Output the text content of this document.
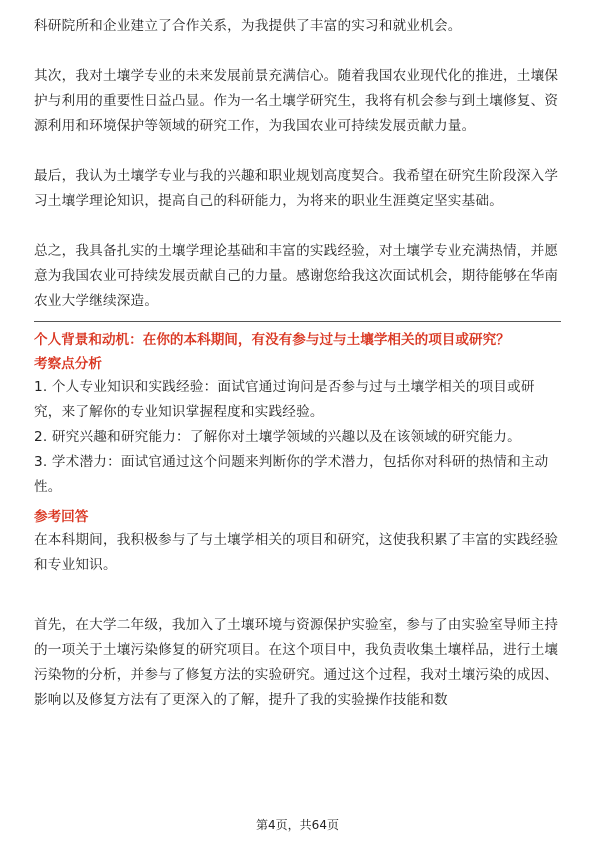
科研院所和企业建立了合作关系，为我提供了丰富的实习和就业机会。

其次，我对土壤学专业的未来发展前景充满信心。随着我国农业现代化的推进，土壤保护与利用的重要性日益凸显。作为一名土壤学研究生，我将有机会参与到土壤修复、资源利用和环境保护等领域的研究工作，为我国农业可持续发展贡献力量。

最后，我认为土壤学专业与我的兴趣和职业规划高度契合。我希望在研究生阶段深入学习土壤学理论知识，提高自己的科研能力，为将来的职业生涯奠定坚实基础。

总之，我具备扎实的土壤学理论基础和丰富的实践经验，对土壤学专业充满热情，并愿意为我国农业可持续发展贡献自己的力量。感谢您给我这次面试机会，期待能够在华南农业大学继续深造。

个人背景和动机：在你的本科期间，有没有参与过与土壤学相关的项目或研究？
考察点分析

1. 个人专业知识和实践经验：面试官通过询问是否参与过与土壤学相关的项目或研究，来了解你的专业知识掌握程度和实践经验。

2. 研究兴趣和研究能力：了解你对土壤学领域的兴趣以及在该领域的研究能力。

3. 学术潜力：面试官通过这个问题来判断你的学术潜力，包括你对科研的热情和主动性。

参考回答

在本科期间，我积极参与了与土壤学相关的项目和研究，这使我积累了丰富的实践经验和专业知识。

首先，在大学二年级，我加入了土壤环境与资源保护实验室，参与了由实验室导师主持的一项关于土壤污染修复的研究项目。在这个项目中，我负责收集土壤样品，进行土壤污染物的分析，并参与了修复方法的实验研究。通过这个过程，我对土壤污染的成因、影响以及修复方法有了更深入的了解，提升了我的实验操作技能和数

第4页，共64页
